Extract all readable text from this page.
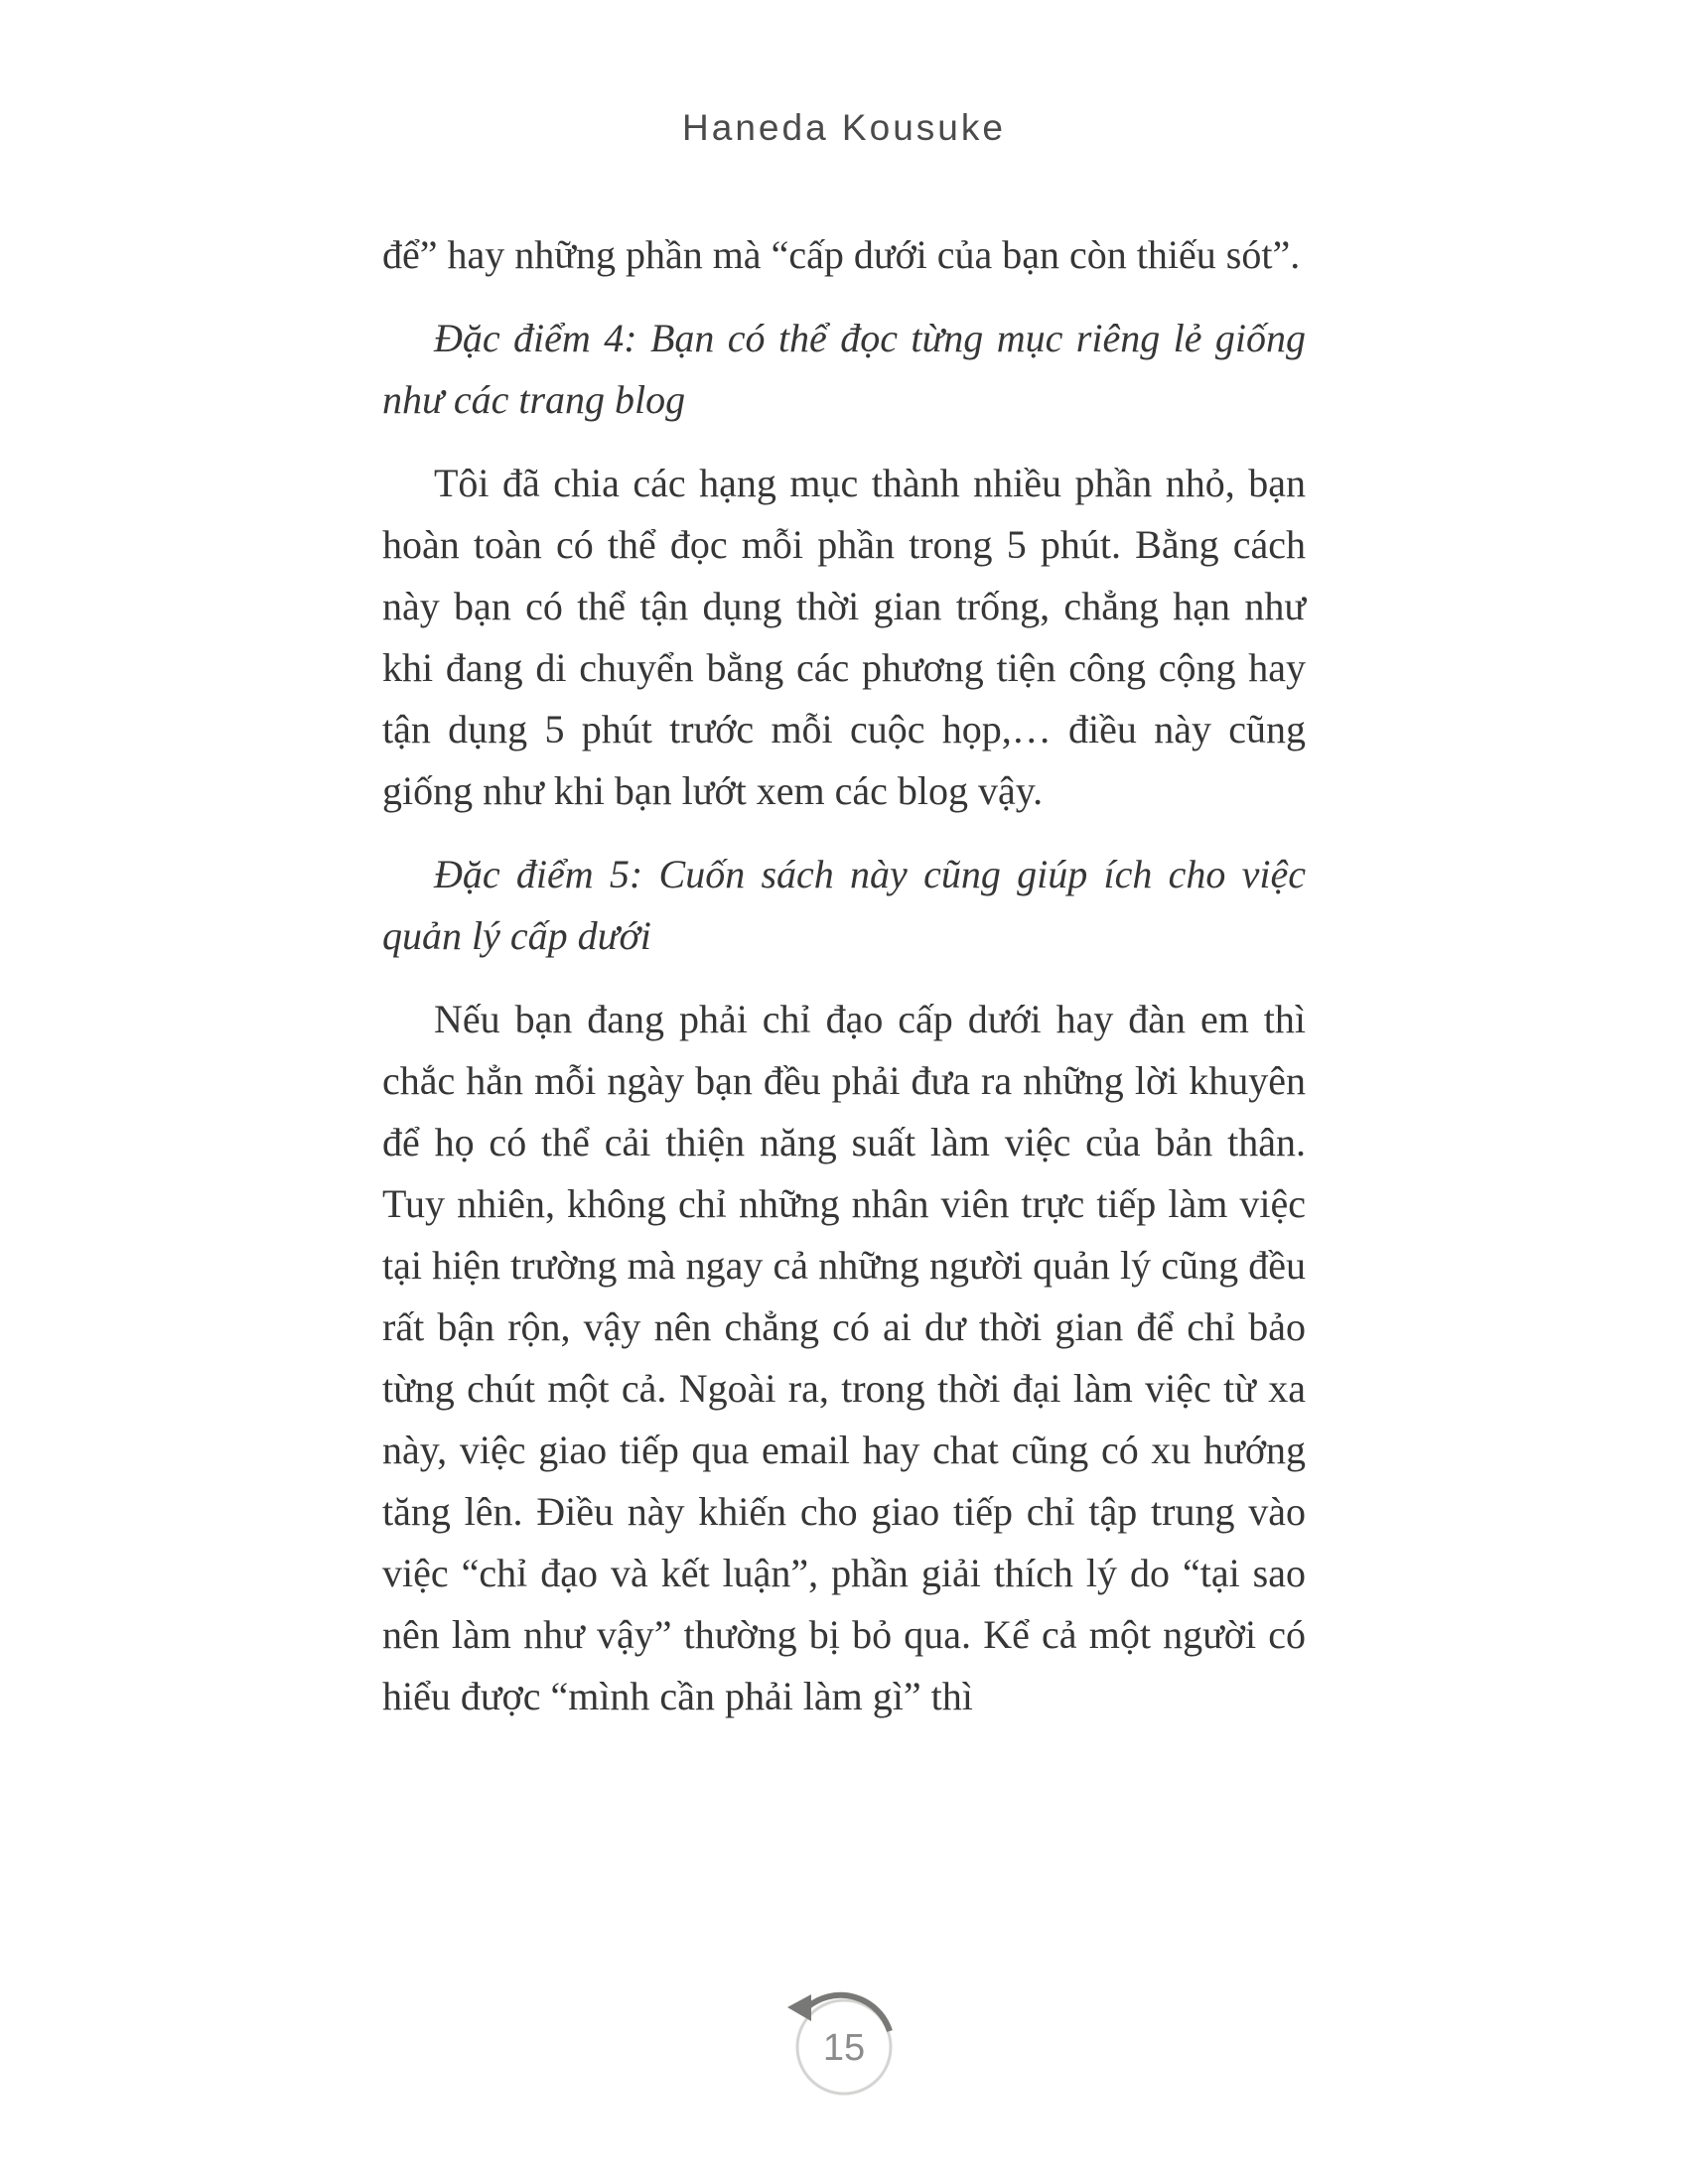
Haneda Kousuke

để” hay những phần mà “cấp dưới của bạn còn thiếu sót”.

Đặc điểm 4: Bạn có thể đọc từng mục riêng lẻ giống như các trang blog

Tôi đã chia các hạng mục thành nhiều phần nhỏ, bạn hoàn toàn có thể đọc mỗi phần trong 5 phút. Bằng cách này bạn có thể tận dụng thời gian trống, chẳng hạn như khi đang di chuyển bằng các phương tiện công cộng hay tận dụng 5 phút trước mỗi cuộc họp,… điều này cũng giống như khi bạn lướt xem các blog vậy.

Đặc điểm 5: Cuốn sách này cũng giúp ích cho việc quản lý cấp dưới

Nếu bạn đang phải chỉ đạo cấp dưới hay đàn em thì chắc hẳn mỗi ngày bạn đều phải đưa ra những lời khuyên để họ có thể cải thiện năng suất làm việc của bản thân. Tuy nhiên, không chỉ những nhân viên trực tiếp làm việc tại hiện trường mà ngay cả những người quản lý cũng đều rất bận rộn, vậy nên chẳng có ai dư thời gian để chỉ bảo từng chút một cả. Ngoài ra, trong thời đại làm việc từ xa này, việc giao tiếp qua email hay chat cũng có xu hướng tăng lên. Điều này khiến cho giao tiếp chỉ tập trung vào việc “chỉ đạo và kết luận”, phần giải thích lý do “tại sao nên làm như vậy” thường bị bỏ qua. Kể cả một người có hiểu được “mình cần phải làm gì” thì

15
